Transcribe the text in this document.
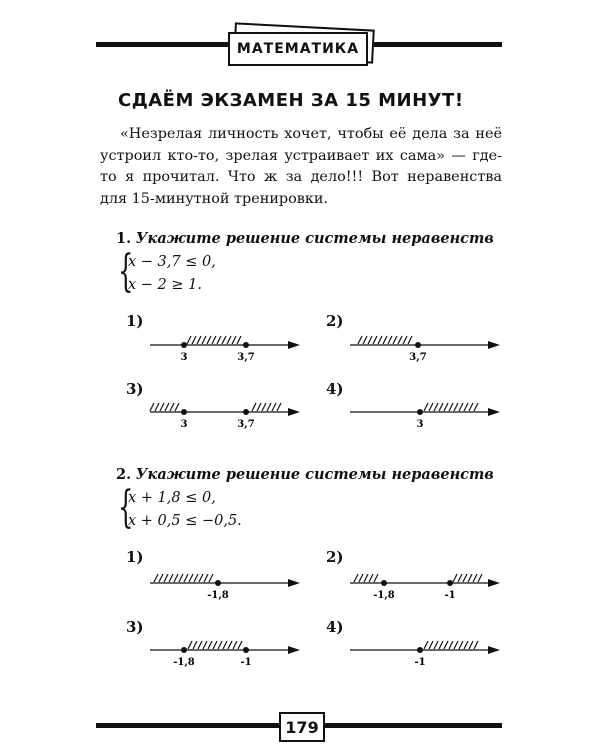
МАТЕМАТИКА
СДАЁМ ЭКЗАМЕН ЗА 15 МИНУТ!

«Незрелая личность хочет, чтобы её дела за неё устроил кто-то, зрелая устраивает их сама» — где-то я прочитал. Что ж за дело!!! Вот неравенства для 15-минутной тренировки.

1. Укажите решение системы неравенств
{
x − 3,7 ≤ 0,
x − 2 ≥ 1.
1)	2)
3)	4)
3	3,7	3,7
3	3,7	3
2. Укажите решение системы неравенств
{
x + 1,8 ≤ 0,
x + 0,5 ≤ −0,5.
1)	2)
3)	4)
-1,8	-1,8	-1
-1,8	-1	-1
179
